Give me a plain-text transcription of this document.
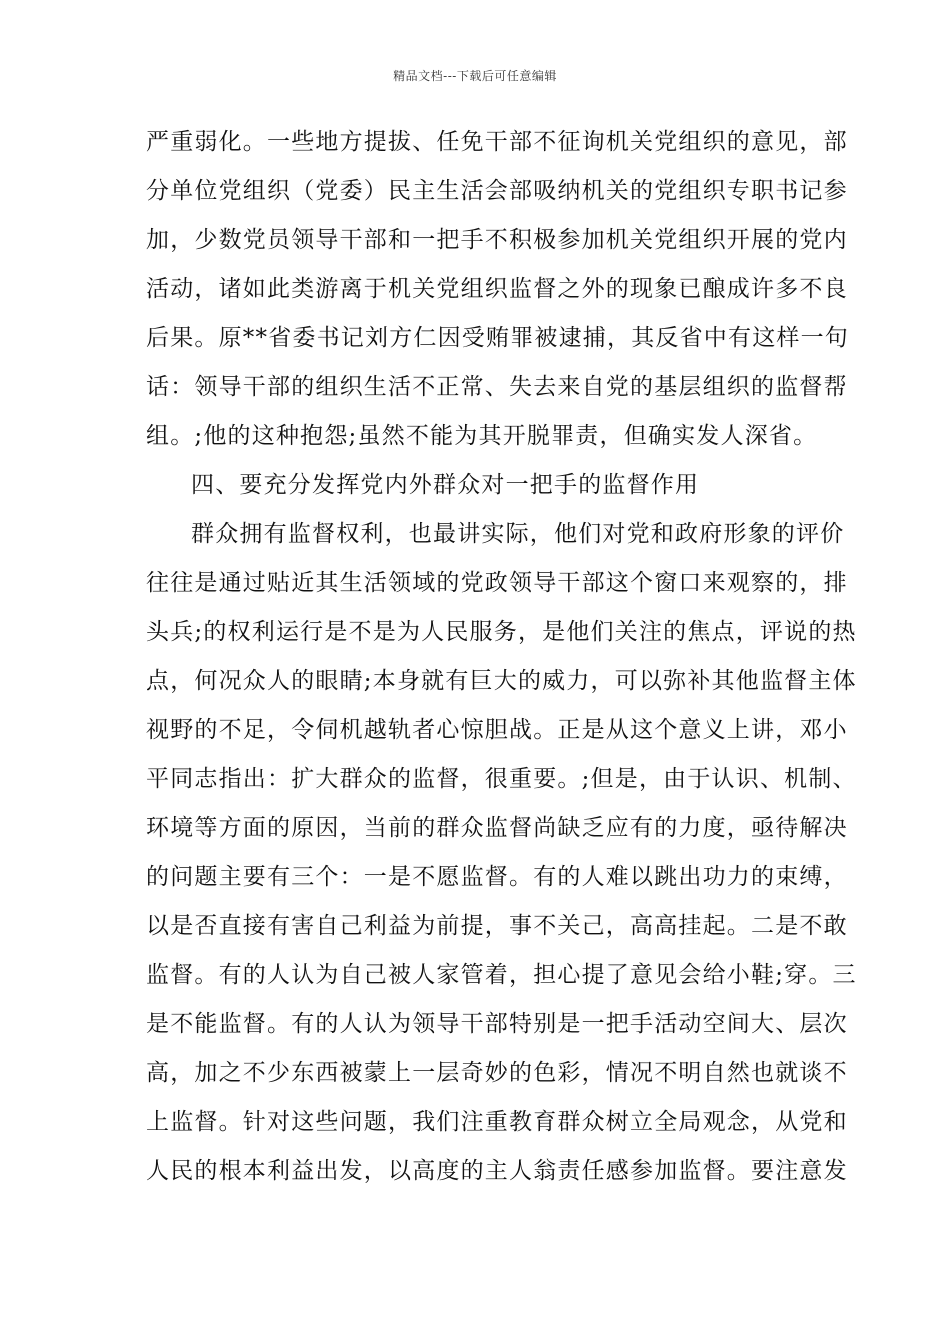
精品文档---下载后可任意编辑
严重弱化。一些地方提拔、任免干部不征询机关党组织的意见，部
分单位党组织（党委）民主生活会部吸纳机关的党组织专职书记参
加，少数党员领导干部和一把手不积极参加机关党组织开展的党内
活动，诸如此类游离于机关党组织监督之外的现象已酿成许多不良
后果。原**省委书记刘方仁因受贿罪被逮捕，其反省中有这样一句
话：领导干部的组织生活不正常、失去来自党的基层组织的监督帮
组。;他的这种抱怨;虽然不能为其开脱罪责，但确实发人深省。
四、要充分发挥党内外群众对一把手的监督作用
群众拥有监督权利，也最讲实际，他们对党和政府形象的评价
往往是通过贴近其生活领域的党政领导干部这个窗口来观察的，排
头兵;的权利运行是不是为人民服务，是他们关注的焦点，评说的热
点，何况众人的眼睛;本身就有巨大的威力，可以弥补其他监督主体
视野的不足，令伺机越轨者心惊胆战。正是从这个意义上讲，邓小
平同志指出：扩大群众的监督，很重要。;但是，由于认识、机制、
环境等方面的原因，当前的群众监督尚缺乏应有的力度，亟待解决
的问题主要有三个：一是不愿监督。有的人难以跳出功力的束缚，
以是否直接有害自己利益为前提，事不关己，高高挂起。二是不敢
监督。有的人认为自己被人家管着，担心提了意见会给小鞋;穿。三
是不能监督。有的人认为领导干部特别是一把手活动空间大、层次
高，加之不少东西被蒙上一层奇妙的色彩，情况不明自然也就谈不
上监督。针对这些问题，我们注重教育群众树立全局观念，从党和
人民的根本利益出发，以高度的主人翁责任感参加监督。要注意发
